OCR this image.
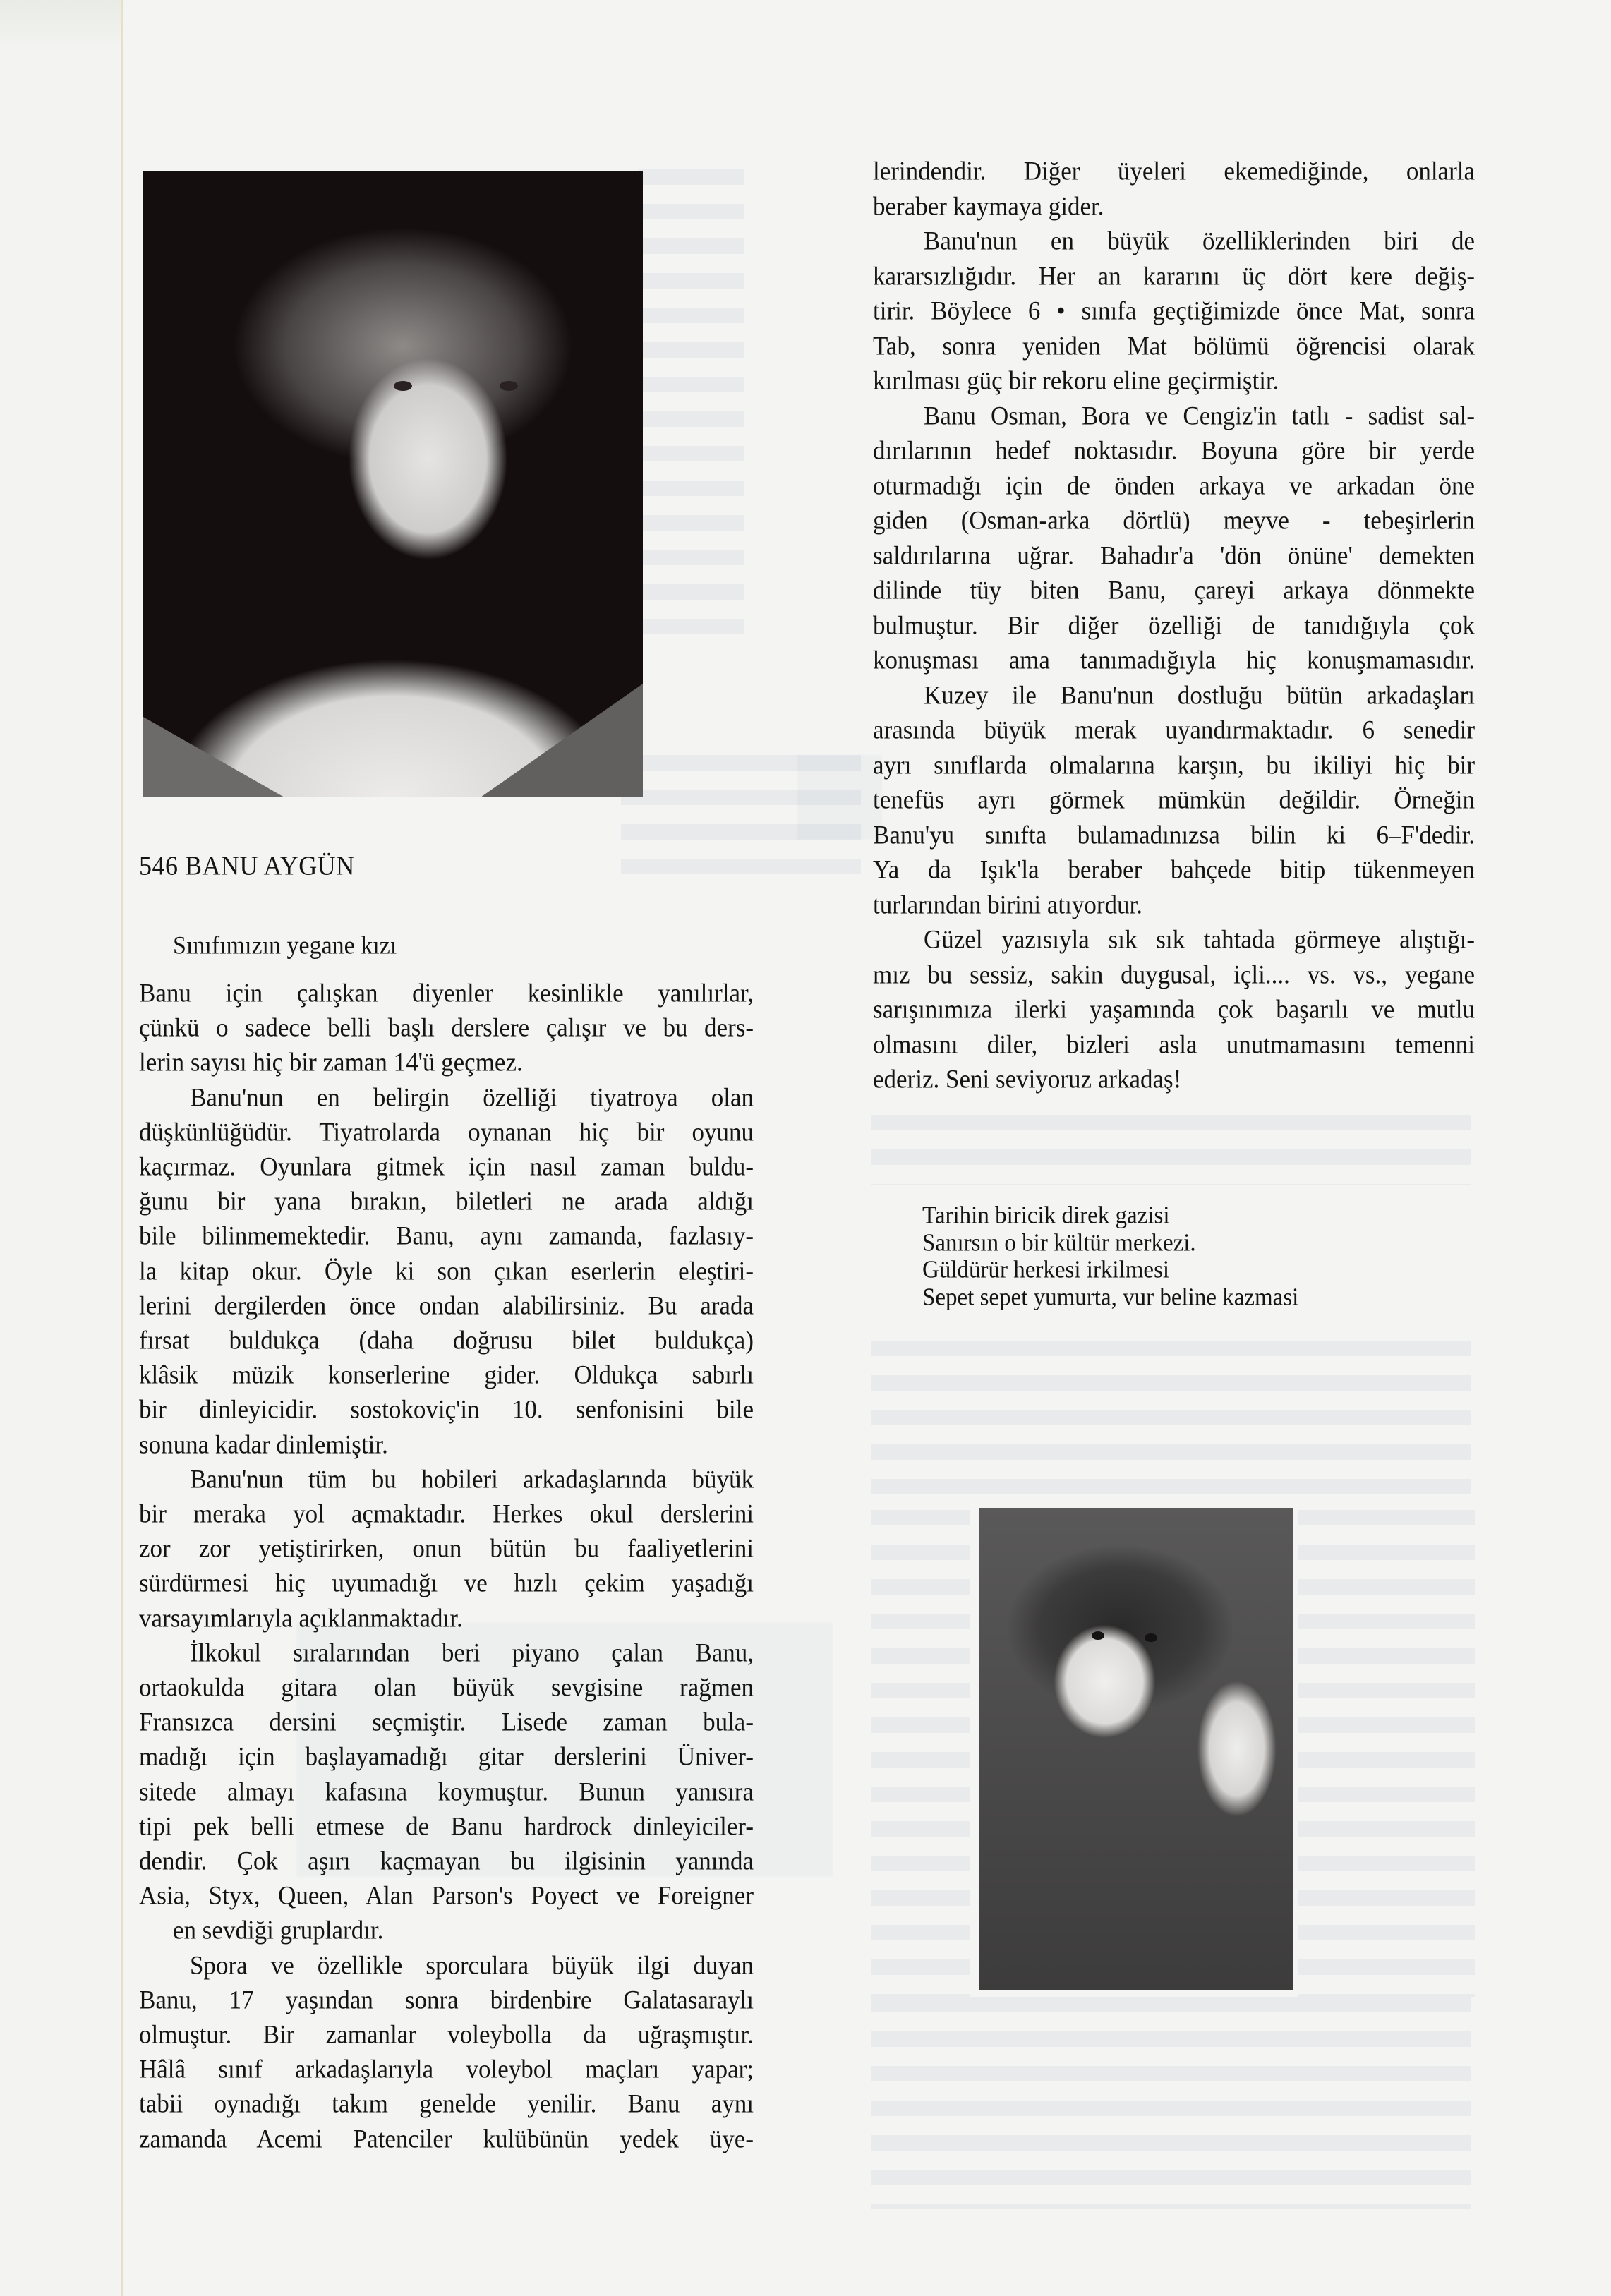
546 BANU AYGÜN
Sınıfımızın yegane kızı
Banu için çalışkan diyenler kesinlikle yanılırlar,
çünkü o sadece belli başlı derslere çalışır ve bu ders-
lerin sayısı hiç bir zaman 14'ü geçmez.
Banu'nun en belirgin özelliği tiyatroya olan
düşkünlüğüdür. Tiyatrolarda oynanan hiç bir oyunu
kaçırmaz. Oyunlara gitmek için nasıl zaman buldu-
ğunu bir yana bırakın, biletleri ne arada aldığı
bile bilinmemektedir. Banu, aynı zamanda, fazlasıy-
la kitap okur. Öyle ki son çıkan eserlerin eleştiri-
lerini dergilerden önce ondan alabilirsiniz. Bu arada
fırsat buldukça (daha doğrusu bilet buldukça)
klâsik müzik konserlerine gider. Oldukça sabırlı
bir dinleyicidir. sostokoviç'in 10. senfonisini bile
sonuna kadar dinlemiştir.
Banu'nun tüm bu hobileri arkadaşlarında büyük
bir meraka yol açmaktadır. Herkes okul derslerini
zor zor yetiştirirken, onun bütün bu faaliyetlerini
sürdürmesi hiç uyumadığı ve hızlı çekim yaşadığı
varsayımlarıyla açıklanmaktadır.
İlkokul sıralarından beri piyano çalan Banu,
ortaokulda gitara olan büyük sevgisine rağmen
Fransızca dersini seçmiştir. Lisede zaman bula-
madığı için başlayamadığı gitar derslerini Üniver-
sitede almayı kafasına koymuştur. Bunun yanısıra
tipi pek belli etmese de Banu hardrock dinleyiciler-
dendir. Çok aşırı kaçmayan bu ilgisinin yanında
Asia, Styx, Queen, Alan Parson's Poyect ve Foreigner
en sevdiği gruplardır.
Spora ve özellikle sporculara büyük ilgi duyan
Banu, 17 yaşından sonra birdenbire Galatasaraylı
olmuştur. Bir zamanlar voleybolla da uğraşmıştır.
Hâlâ sınıf arkadaşlarıyla voleybol maçları yapar;
tabii oynadığı takım genelde yenilir. Banu aynı
zamanda Acemi Patenciler kulübünün yedek üye-
lerindendir. Diğer üyeleri ekemediğinde, onlarla
beraber kaymaya gider.
Banu'nun en büyük özelliklerinden biri de
kararsızlığıdır. Her an kararını üç dört kere değiş-
tirir. Böylece 6 • sınıfa geçtiğimizde önce Mat, sonra
Tab, sonra yeniden Mat bölümü öğrencisi olarak
kırılması güç bir rekoru eline geçirmiştir.
Banu Osman, Bora ve Cengiz'in tatlı - sadist sal-
dırılarının hedef noktasıdır. Boyuna göre bir yerde
oturmadığı için de önden arkaya ve arkadan öne
giden (Osman-arka dörtlü) meyve - tebeşirlerin
saldırılarına uğrar. Bahadır'a 'dön önüne' demekten
dilinde tüy biten Banu, çareyi arkaya dönmekte
bulmuştur. Bir diğer özelliği de tanıdığıyla çok
konuşması ama tanımadığıyla hiç konuşmamasıdır.
Kuzey ile Banu'nun dostluğu bütün arkadaşları
arasında büyük merak uyandırmaktadır. 6 senedir
ayrı sınıflarda olmalarına karşın, bu ikiliyi hiç bir
tenefüs ayrı görmek mümkün değildir. Örneğin
Banu'yu sınıfta bulamadınızsa bilin ki 6–F'dedir.
Ya da Işık'la beraber bahçede bitip tükenmeyen
turlarından birini atıyordur.
Güzel yazısıyla sık sık tahtada görmeye alıştığı-
mız bu sessiz, sakin duygusal, içli.... vs. vs., yegane
sarışınımıza ilerki yaşamında çok başarılı ve mutlu
olmasını diler, bizleri asla unutmamasını temenni
ederiz. Seni seviyoruz arkadaş!
Tarihin biricik direk gazisi
Sanırsın o bir kültür merkezi.
Güldürür herkesi irkilmesi
Sepet sepet yumurta, vur beline kazmasi
